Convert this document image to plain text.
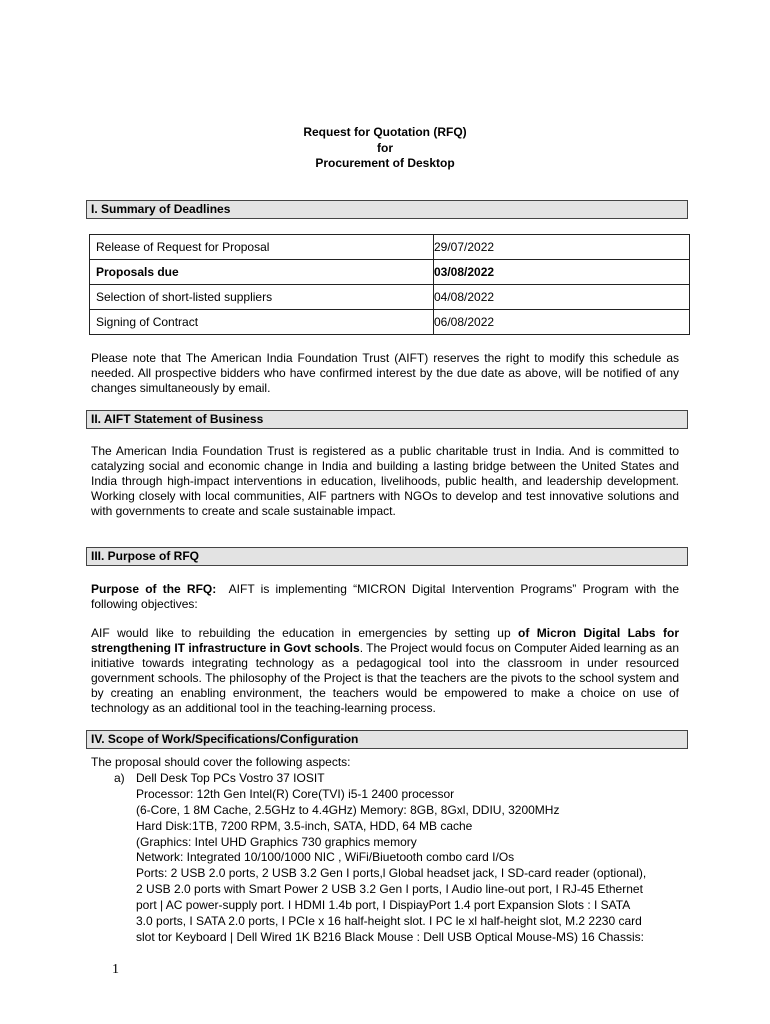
Request for Quotation (RFQ)
for
Procurement of Desktop
I. Summary of Deadlines
Release of Request for Proposal	29/07/2022
Proposals due	03/08/2022
Selection of short-listed suppliers	04/08/2022
Signing of Contract	06/08/2022
Please note that The American India Foundation Trust (AIFT) reserves the right to modify this schedule as needed. All prospective bidders who have confirmed interest by the due date as above, will be notified of any changes simultaneously by email.
II. AIFT Statement of Business
The American India Foundation Trust is registered as a public charitable trust in India. And is committed to catalyzing social and economic change in India and building a lasting bridge between the United States and India through high-impact interventions in education, livelihoods, public health, and leadership development. Working closely with local communities, AIF partners with NGOs to develop and test innovative solutions and with governments to create and scale sustainable impact.
III. Purpose of RFQ
Purpose of the RFQ: AIFT is implementing “MICRON Digital Intervention Programs” Program with the following objectives:
AIF would like to rebuilding the education in emergencies by setting up of Micron Digital Labs for strengthening IT infrastructure in Govt schools. The Project would focus on Computer Aided learning as an initiative towards integrating technology as a pedagogical tool into the classroom in under resourced government schools. The philosophy of the Project is that the teachers are the pivots to the school system and by creating an enabling environment, the teachers would be empowered to make a choice on use of technology as an additional tool in the teaching-learning process.
IV. Scope of Work/Specifications/Configuration
The proposal should cover the following aspects:
a) Dell Desk Top PCs Vostro 37 IOSIT
Processor: 12th Gen Intel(R) Core(TVI) i5-1 2400 processor
(6-Core, 1 8M Cache, 2.5GHz to 4.4GHz) Memory: 8GB, 8Gxl, DDIU, 3200MHz
Hard Disk:1TB, 7200 RPM, 3.5-inch, SATA, HDD, 64 MB cache
(Graphics: Intel UHD Graphics 730 graphics memory
Network: Integrated 10/100/1000 NIC , WiFi/Biuetooth combo card I/Os
Ports: 2 USB 2.0 ports, 2 USB 3.2 Gen I ports,l Global headset jack, I SD-card reader (optional),
2 USB 2.0 ports with Smart Power 2 USB 3.2 Gen I ports, I Audio line-out port, I RJ-45 Ethernet
port | AC power-supply port. I HDMI 1.4b port, I DispiayPort 1.4 port Expansion Slots : I SATA
3.0 ports, I SATA 2.0 ports, I PCIe x 16 half-height slot. I PC le xl half-height slot, M.2 2230 card
slot tor Keyboard | Dell Wired 1K B216 Black Mouse : Dell USB Optical Mouse-MS) 16 Chassis:
1
